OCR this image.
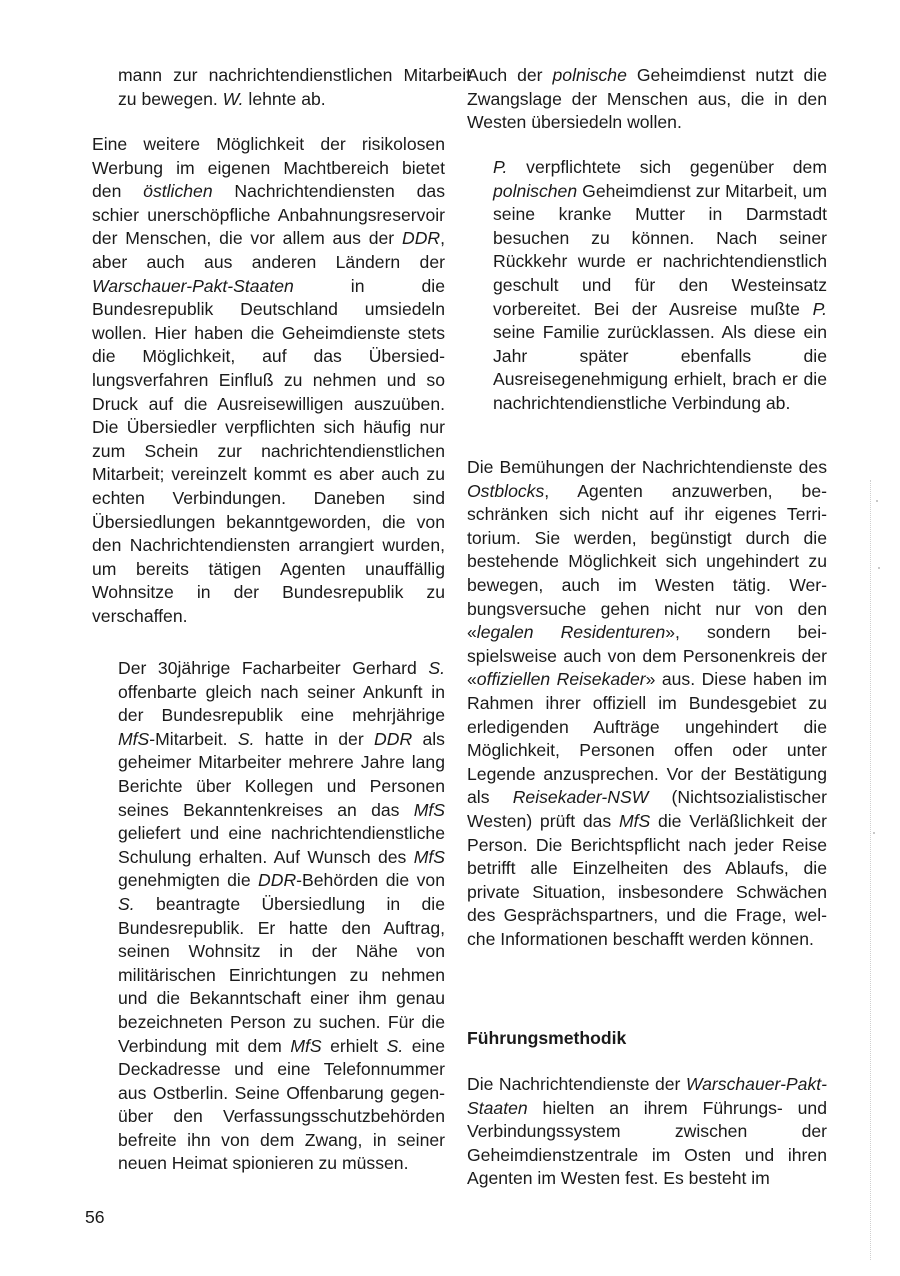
mann zur nachrichtendienstlichen Mitarbeit zu bewegen. W. lehnte ab.

Eine weitere Möglichkeit der risikolosen Werbung im eigenen Machtbereich bietet den östlichen Nachrichtendiensten das schier unerschöpfliche Anbahnungsreservoir der Menschen, die vor allem aus der DDR, aber auch aus anderen Ländern der Warschauer-Pakt-Staaten in die Bundesrepublik Deutschland umsiedeln wollen. Hier haben die Geheimdienste stets die Möglichkeit, auf das Übersiedlungsverfahren Einfluß zu nehmen und so Druck auf die Ausreisewilligen auszuüben. Die Übersiedler verpflichten sich häufig nur zum Schein zur nachrichtendienstlichen Mitarbeit; vereinzelt kommt es aber auch zu echten Verbindungen. Daneben sind Übersiedlungen bekanntgeworden, die von den Nachrichtendiensten arrangiert wurden, um bereits tätigen Agenten unauffällig Wohnsitze in der Bundesrepublik zu verschaffen.

Der 30jährige Facharbeiter Gerhard S. offenbarte gleich nach seiner Ankunft in der Bundesrepublik eine mehrjährige MfS-Mitarbeit. S. hatte in der DDR als geheimer Mitarbeiter mehrere Jahre lang Berichte über Kollegen und Personen seines Bekanntenkreises an das MfS geliefert und eine nachrichtendienstliche Schulung erhalten. Auf Wunsch des MfS genehmigten die DDR-Behörden die von S. beantragte Übersiedlung in die Bundesrepublik. Er hatte den Auftrag, seinen Wohnsitz in der Nähe von militärischen Einrichtungen zu nehmen und die Bekanntschaft einer ihm genau bezeichneten Person zu suchen. Für die Verbindung mit dem MfS erhielt S. eine Deckadresse und eine Telefonnummer aus Ostberlin. Seine Offenbarung gegenüber den Verfassungsschutzbehörden befreite ihn von dem Zwang, in seiner neuen Heimat spionieren zu müssen.

Auch der polnische Geheimdienst nutzt die Zwangslage der Menschen aus, die in den Westen übersiedeln wollen.

P. verpflichtete sich gegenüber dem polnischen Geheimdienst zur Mitarbeit, um seine kranke Mutter in Darmstadt besuchen zu können. Nach seiner Rückkehr wurde er nachrichtendienstlich geschult und für den Westeinsatz vorbereitet. Bei der Ausreise mußte P. seine Familie zurücklassen. Als diese ein Jahr später ebenfalls die Ausreisegenehmigung erhielt, brach er die nachrichtendienstliche Verbindung ab.

Die Bemühungen der Nachrichtendienste des Ostblocks, Agenten anzuwerben, beschränken sich nicht auf ihr eigenes Territorium. Sie werden, begünstigt durch die bestehende Möglichkeit sich ungehindert zu bewegen, auch im Westen tätig. Werbungsversuche gehen nicht nur von den «legalen Residenturen», sondern beispielsweise auch von dem Personenkreis der «offiziellen Reisekader» aus. Diese haben im Rahmen ihrer offiziell im Bundesgebiet zu erledigenden Aufträge ungehindert die Möglichkeit, Personen offen oder unter Legende anzusprechen. Vor der Bestätigung als Reisekader-NSW (Nichtsozialistischer Westen) prüft das MfS die Verläßlichkeit der Person. Die Berichtspflicht nach jeder Reise betrifft alle Einzelheiten des Ablaufs, die private Situation, insbesondere Schwächen des Gesprächspartners, und die Frage, welche Informationen beschafft werden können.

Führungsmethodik

Die Nachrichtendienste der Warschauer-Pakt-Staaten hielten an ihrem Führungs- und Verbindungssystem zwischen der Geheimdienstzentrale im Osten und ihren Agenten im Westen fest. Es besteht im

56
